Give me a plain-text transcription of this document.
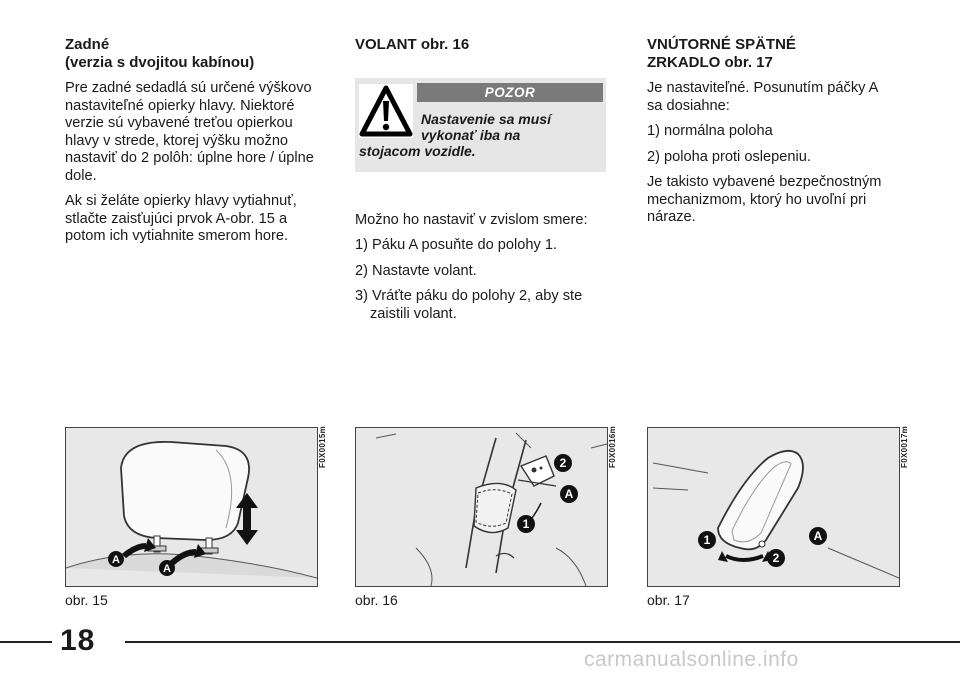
Zadné
(verzia s dvojitou kabínou)

Pre zadné sedadlá sú určené výškovo nastaviteľné opierky hlavy. Niektoré verzie sú vybavené treťou opierkou hlavy v strede, ktorej výšku možno nastaviť do 2 polôh: úplne hore / úplne dole.

Ak si želáte opierky hlavy vytiahnuť, stlačte zaisťujúci prvok A-obr. 15 a potom ich vytiahnite smerom hore.

VOLANT obr. 16
POZOR
Nastavenie sa musí vykonať iba na
stojacom vozidle.

Možno ho nastaviť v zvislom smere:

1) Páku A posuňte do polohy 1.

2) Nastavte volant.

3) Vráťte páku do polohy 2, aby ste zaistili volant.

VNÚTORNÉ SPÄTNÉ
ZRKADLO obr. 17

Je nastaviteľné. Posunutím páčky A sa dosiahne:

1) normálna poloha

2) poloha proti oslepeniu.

Je takisto vybavené bezpečnostným mechanizmom, ktorý ho uvoľní pri náraze.

A
A
F0X0015m
obr. 15
2
A
1
F0X0016m
obr. 16
1	A
2
F0X0017m
obr. 17
18
carmanualsonline.info
